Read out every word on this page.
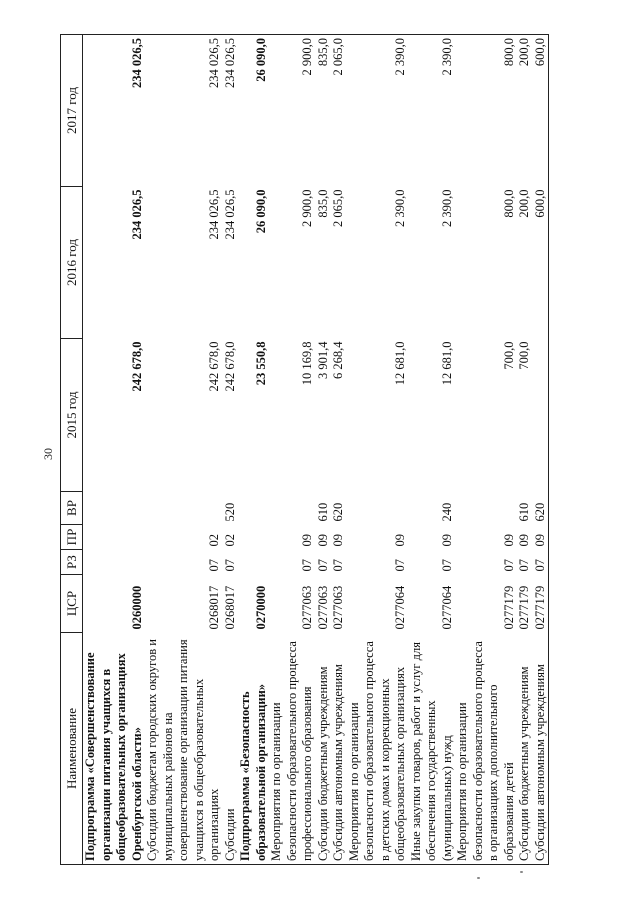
30
Наименование	ЦСР	РЗ	ПР	ВР	2015 год	2016 год	2017 год
Подпрограмма «Совершенствование организации питания учащихся в общеобразовательных организациях Оренбургской области»	0260000				242 678,0	234 026,5	234 026,5
Субсидии бюджетам городских округов и муниципальных районов на совершенствование организации питания учащихся в общеобразовательных организациях	0268017	07	02		242 678,0	234 026,5	234 026,5
Субсидии	0268017	07	02	520	242 678,0	234 026,5	234 026,5
Подпрограмма «Безопасность образовательной организации»	0270000				23 550,8	26 090,0	26 090,0
Мероприятия по организации безопасности образовательного процесса профессионального образования	0277063	07	09		10 169,8	2 900,0	2 900,0
Субсидии бюджетным учреждениям	0277063	07	09	610	3 901,4	835,0	835,0
Субсидии автономным учреждениям	0277063	07	09	620	6 268,4	2 065,0	2 065,0
Мероприятия по организации безопасности образовательного процесса в детских домах и коррекционных общеобразовательных организациях	0277064	07	09		12 681,0	2 390,0	2 390,0
Иные закупки товаров, работ и услуг для обеспечения государственных (муниципальных) нужд	0277064	07	09	240	12 681,0	2 390,0	2 390,0
Мероприятия по организации безопасности образовательного процесса в организациях дополнительного образования детей	0277179	07	09		700,0	800,0	800,0
Субсидии бюджетным учреждениям	0277179	07	09	610	700,0	200,0	200,0
Субсидии автономным учреждениям	0277179	07	09	620		600,0	600,0
